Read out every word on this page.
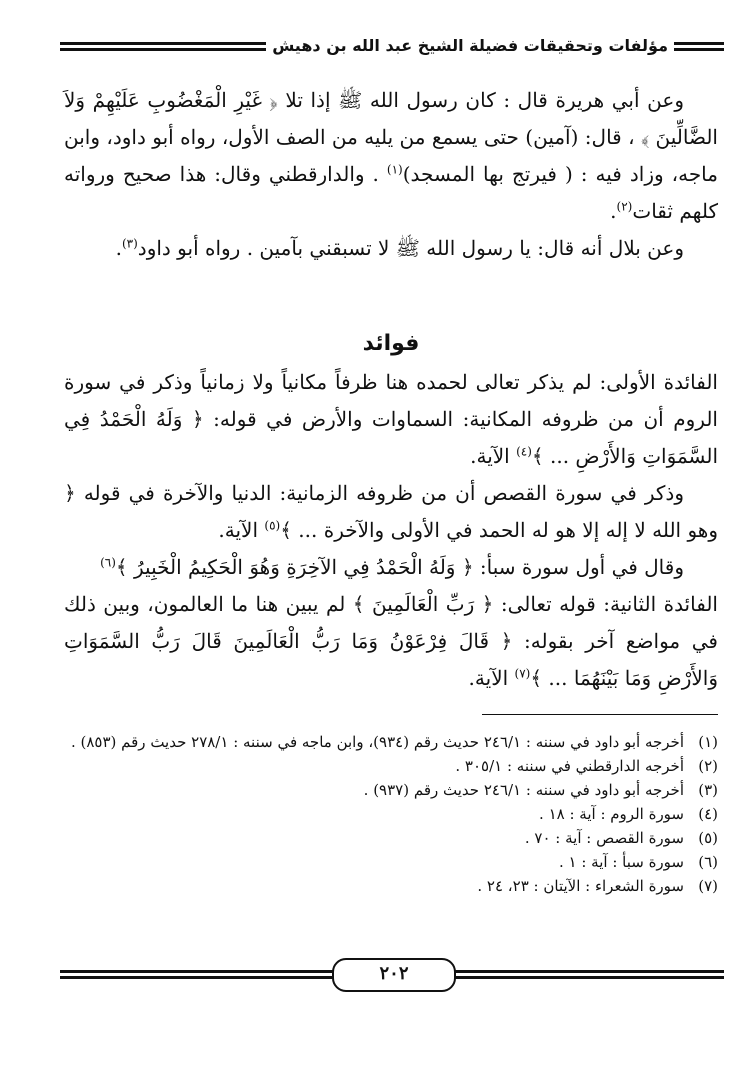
مؤلفات وتحقيقات فضيلة الشيخ عبد الله بن دهيش

وعن أبي هريرة قال : كان رسول الله ﷺ إذا تلا ﴿ غَيْرِ الْمَغْضُوبِ عَلَيْهِمْ وَلاَ الضَّالِّينَ ﴾ ، قال: (آمين) حتى يسمع من يليه من الصف الأول، رواه أبو داود، وابن ماجه، وزاد فيه : ( فيرتج بها المسجد)$^{(١)}$ . والدارقطني وقال: هذا صحيح ورواته كلهم ثقات$^{(٢)}$.

وعن بلال أنه قال: يا رسول الله ﷺ لا تسبقني بآمين . رواه أبو داود$^{(٣)}$.

فوائد

الفائدة الأولى: لم يذكر تعالى لحمده هنا ظرفاً مكانياً ولا زمانياً وذكر في سورة الروم أن من ظروفه المكانية: السماوات والأرض في قوله: ﴿ وَلَهُ الْحَمْدُ فِي السَّمَوَاتِ وَالأَرْضِ ... ﴾$^{(٤)}$ الآية.

وذكر في سورة القصص أن من ظروفه الزمانية: الدنيا والآخرة في قوله ﴿ وهو الله لا إله إلا هو له الحمد في الأولى والآخرة ... ﴾$^{(٥)}$ الآية.

وقال في أول سورة سبأ: ﴿ وَلَهُ الْحَمْدُ فِي الآخِرَةِ وَهُوَ الْحَكِيمُ الْخَبِيرُ ﴾$^{(٦)}$

الفائدة الثانية: قوله تعالى: ﴿ رَبِّ الْعَالَمِينَ ﴾ لم يبين هنا ما العالمون، وبين ذلك في مواضع آخر بقوله: ﴿ قَالَ فِرْعَوْنُ وَمَا رَبُّ الْعَالَمِينَ قَالَ رَبُّ السَّمَوَاتِ وَالأَرْضِ وَمَا بَيْنَهُمَا ... ﴾$^{(٧)}$ الآية.

(١)أخرجه أبو داود في سننه : ٢٤٦/١ حديث رقم (٩٣٤)، وابن ماجه في سننه : ٢٧٨/١ حديث رقم (٨٥٣) .

(٢)أخرجه الدارقطني في سننه : ٣٠٥/١ .

(٣)أخرجه أبو داود في سننه : ٢٤٦/١ حديث رقم (٩٣٧) .

(٤)سورة الروم : آية : ١٨ .

(٥)سورة القصص : آية : ٧٠ .

(٦)سورة سبأ : آية : ١ .

(٧)سورة الشعراء : الآيتان : ٢٣، ٢٤ .

٢٠٢
